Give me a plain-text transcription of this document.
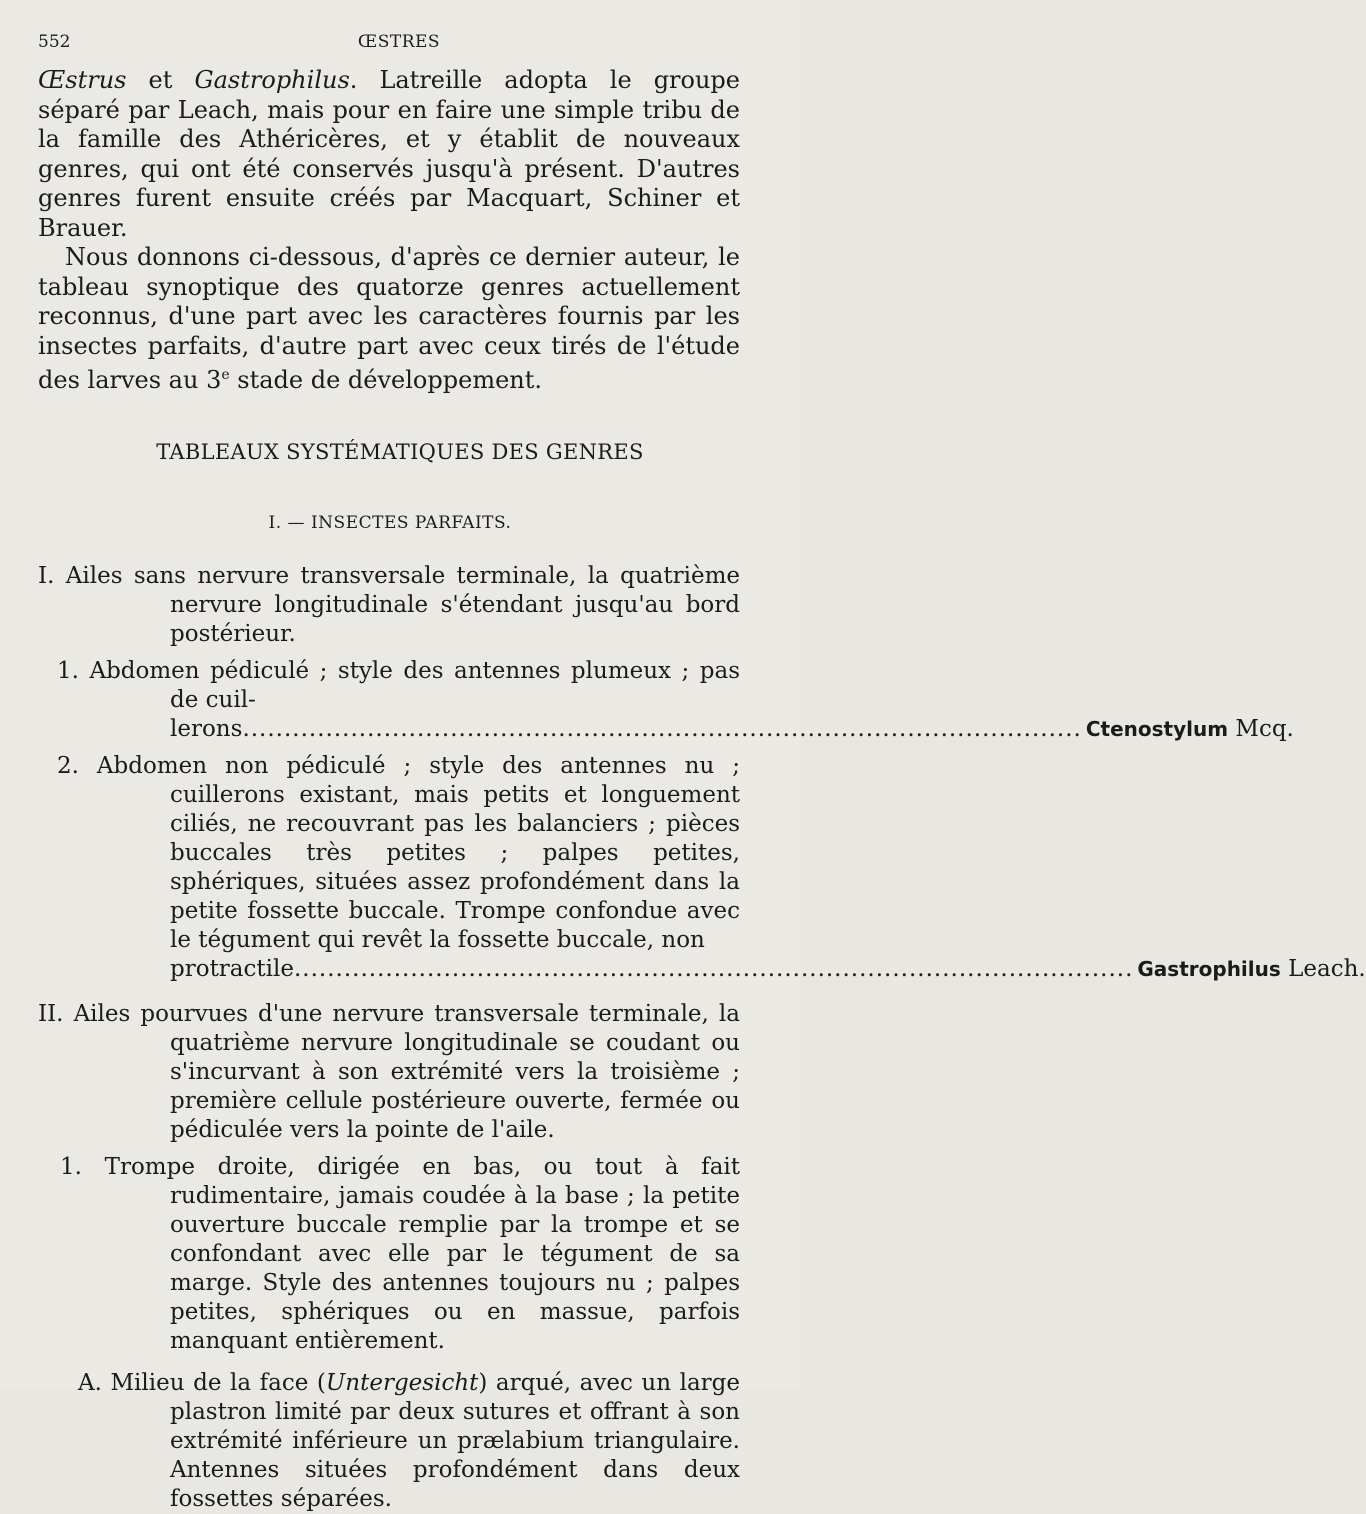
552	ŒSTRES

Œstrus et Gastrophilus. Latreille adopta le groupe séparé par Leach, mais pour en faire une simple tribu de la famille des Athéricères, et y établit de nouveaux genres, qui ont été conservés jusqu'à présent. D'autres genres furent ensuite créés par Macquart, Schiner et Brauer.

Nous donnons ci-dessous, d'après ce dernier auteur, le tableau synoptique des quatorze genres actuellement reconnus, d'une part avec les caractères fournis par les insectes parfaits, d'autre part avec ceux tirés de l'étude des larves au 3e stade de développement.

TABLEAUX SYSTÉMATIQUES DES GENRES
I. — INSECTES PARFAITS.
I. Ailes sans nervure transversale terminale, la quatrième nervure longitudinale s'étendant jusqu'au bord postérieur.
1. Abdomen pédiculé ; style des antennes plumeux ; pas de cuil-
lerons ..................................................................................................... Ctenostylum Mcq.
2. Abdomen non pédiculé ; style des antennes nu ; cuillerons existant, mais petits et longuement ciliés, ne recouvrant pas les balanciers ; pièces buccales très petites ; palpes petites, sphériques, situées assez profondément dans la petite fossette buccale. Trompe confondue avec le tégument qui revêt la fossette buccale, non
protractile ..................................................................................................... Gastrophilus Leach.
II. Ailes pourvues d'une nervure transversale terminale, la quatrième nervure longitudinale se coudant ou s'incurvant à son extrémité vers la troisième ; première cellule postérieure ouverte, fermée ou pédiculée vers la pointe de l'aile.
1. Trompe droite, dirigée en bas, ou tout à fait rudimentaire, jamais coudée à la base ; la petite ouverture buccale remplie par la trompe et se confondant avec elle par le tégument de sa marge. Style des antennes toujours nu ; palpes petites, sphériques ou en massue, parfois manquant entièrement.
A. Milieu de la face (Untergesicht) arqué, avec un large plastron limité par deux sutures et offrant à son extrémité inférieure un prælabium triangulaire. Antennes situées profondément dans deux fossettes séparées.
